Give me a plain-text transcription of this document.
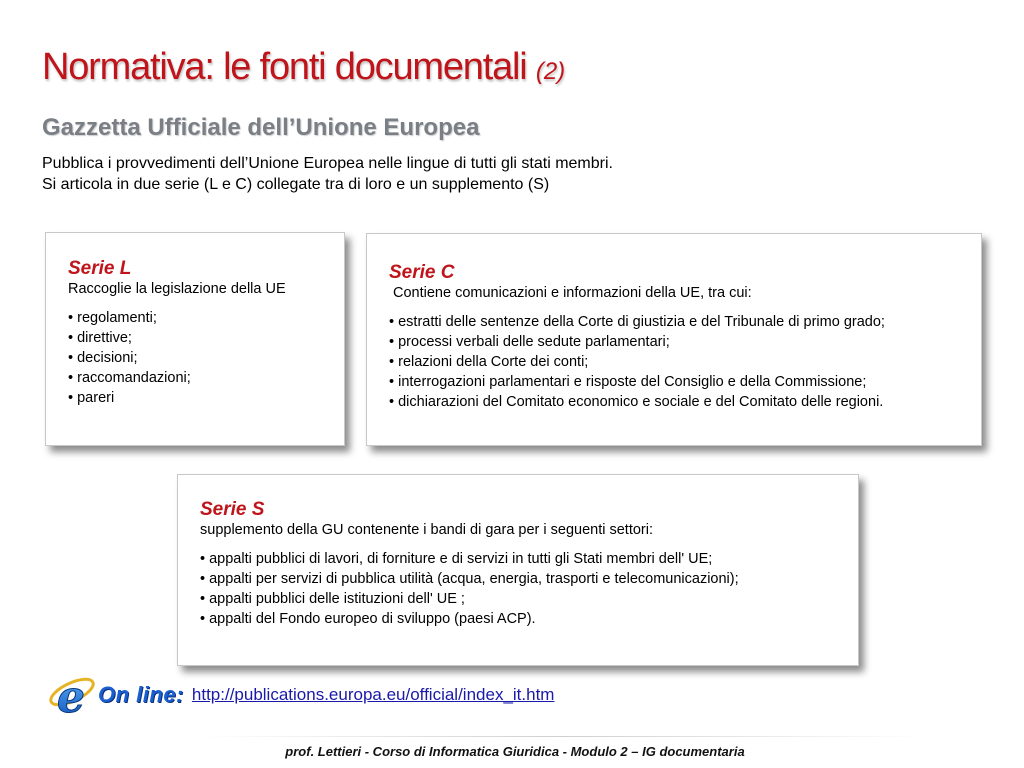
Normativa: le fonti documentali (2)
Gazzetta Ufficiale dell’Unione Europea
Pubblica i provvedimenti dell’Unione Europea nelle lingue di tutti gli stati membri.
Si articola in due serie (L e C) collegate tra di loro e un supplemento (S)
Serie L

Raccoglie la legislazione della UE

• regolamenti;
• direttive;
• decisioni;
• raccomandazioni;
• pareri
Serie C

Contiene comunicazioni e informazioni della UE, tra cui:

• estratti delle sentenze della Corte di giustizia e del Tribunale di primo grado;
• processi verbali delle sedute parlamentari;
• relazioni della Corte dei conti;
• interrogazioni parlamentari e risposte del Consiglio e della Commissione;
• dichiarazioni del Comitato economico e sociale e del Comitato delle regioni.
Serie S

supplemento della GU contenente i bandi di gara per i seguenti settori:

• appalti pubblici di lavori, di forniture e di servizi in tutti gli Stati membri dell' UE;
• appalti per servizi di pubblica utilità (acqua, energia, trasporti e telecomunicazioni);
• appalti pubblici delle istituzioni dell' UE ;
• appalti del Fondo europeo di sviluppo (paesi ACP).
e On line: http://publications.europa.eu/official/index_it.htm
prof. Lettieri - Corso di Informatica Giuridica - Modulo 2 – IG documentaria
